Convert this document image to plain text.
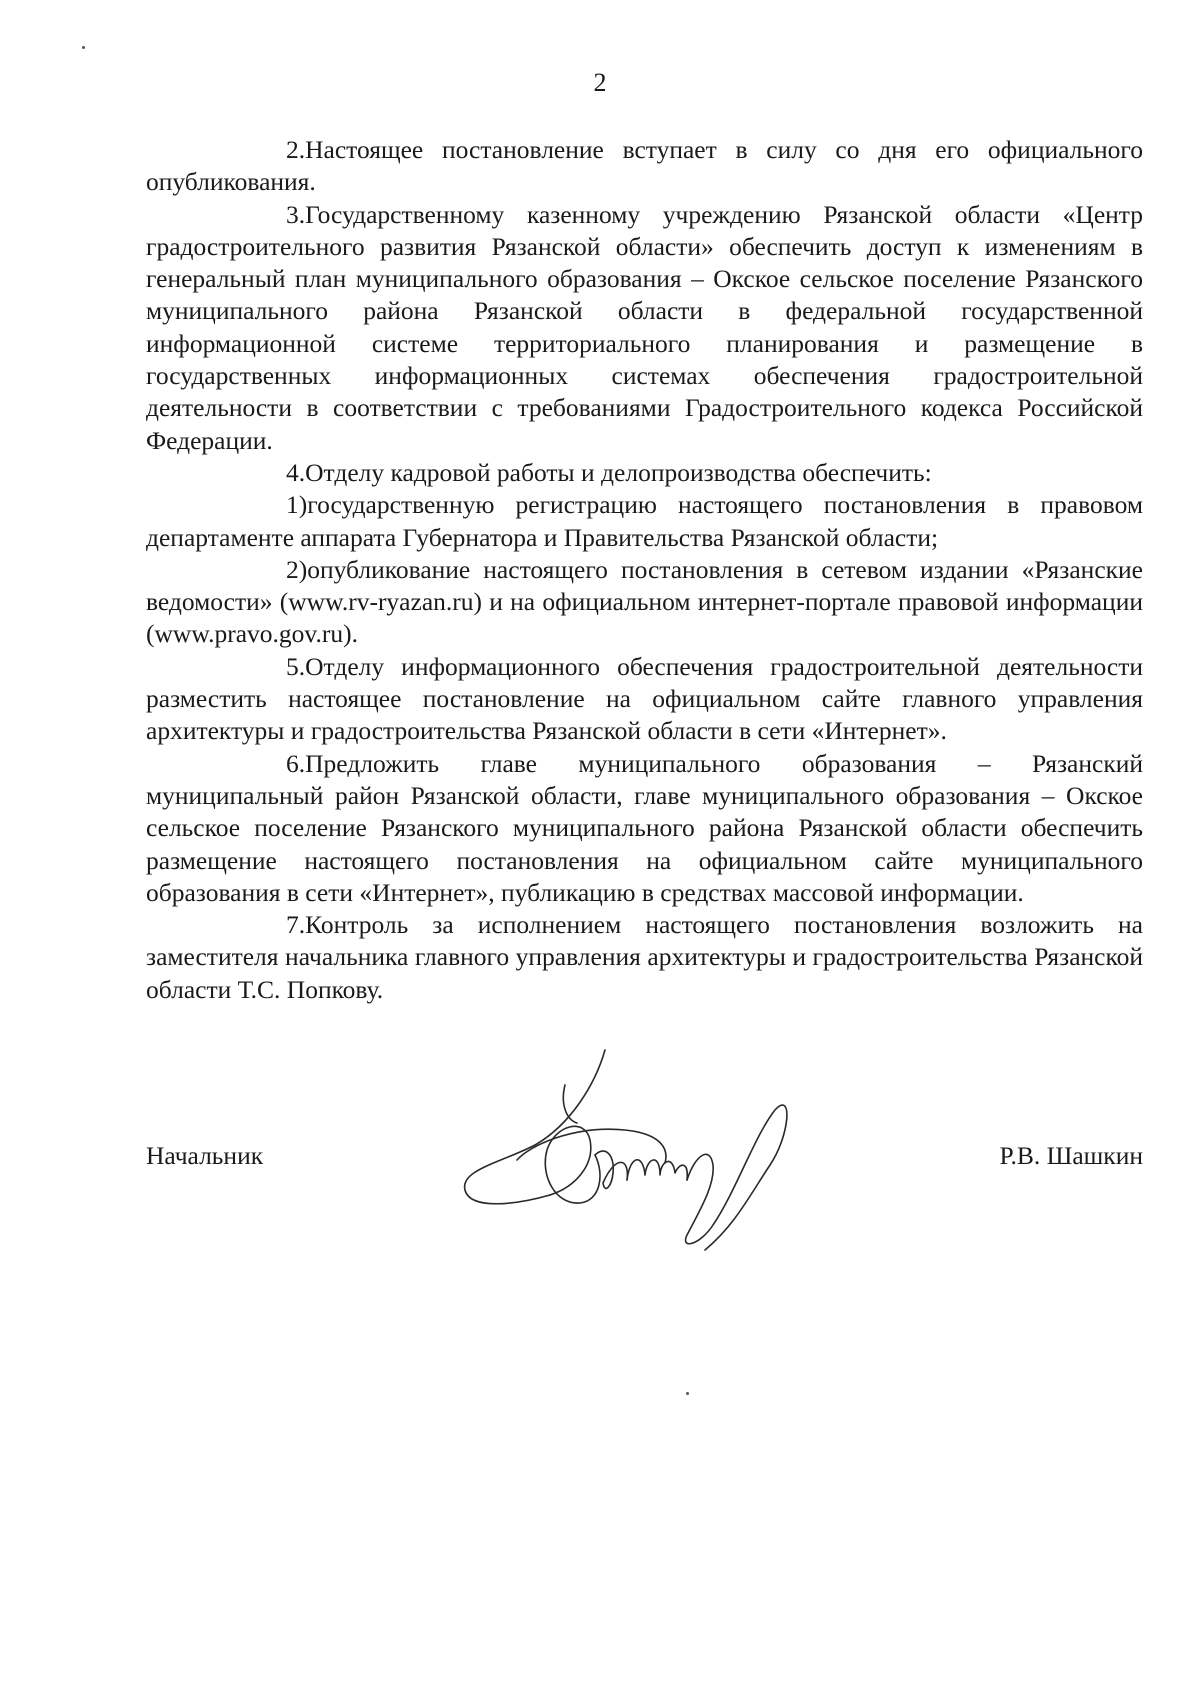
2

2.Настоящее постановление вступает в силу со дня его официального опубликования.

3.Государственному казенному учреждению Рязанской области «Центр градостроительного развития Рязанской области» обеспечить доступ к изменениям в генеральный план муниципального образования – Окское сельское поселение Рязанского муниципального района Рязанской области в федеральной государственной информационной системе территориального планирования и размещение в государственных информационных системах обеспечения градостроительной деятельности в соответствии с требованиями Градостроительного кодекса Российской Федерации.

4.Отделу кадровой работы и делопроизводства обеспечить:

1)государственную регистрацию настоящего постановления в правовом департаменте аппарата Губернатора и Правительства Рязанской области;

2)опубликование настоящего постановления в сетевом издании «Рязанские ведомости» (www.rv-ryazan.ru) и на официальном интернет-портале правовой информации (www.pravo.gov.ru).

5.Отделу информационного обеспечения градостроительной деятельности разместить настоящее постановление на официальном сайте главного управления архитектуры и градостроительства Рязанской области в сети «Интернет».

6.Предложить главе муниципального образования – Рязанский муниципальный район Рязанской области, главе муниципального образования – Окское сельское поселение Рязанского муниципального района Рязанской области обеспечить размещение настоящего постановления на официальном сайте муниципального образования в сети «Интернет», публикацию в средствах массовой информации.

7.Контроль за исполнением настоящего постановления возложить на заместителя начальника главного управления архитектуры и градостроительства Рязанской области Т.С. Попкову.

Начальник	Р.В. Шашкин
